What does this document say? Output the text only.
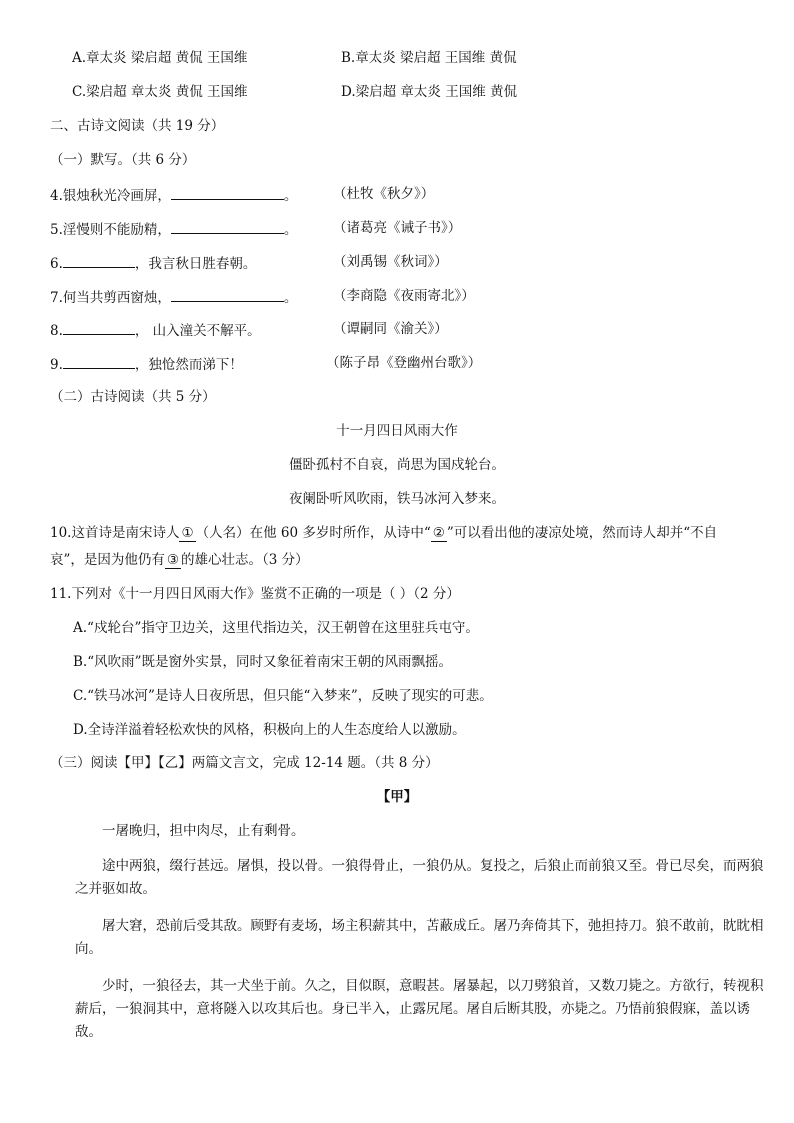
A.章太炎 梁启超 黄侃 王国维	B.章太炎 梁启超 王国维 黄侃
C.梁启超 章太炎 黄侃 王国维	D.梁启超 章太炎 王国维 黄侃
二、古诗文阅读（共 19 分）
（一）默写。（共 6 分）
4.银烛秋光冷画屏，	。	（杜牧《秋夕》）
5.淫慢则不能励精，	。	（诸葛亮《诫子书》）
6.	，我言秋日胜春朝。	（刘禹锡《秋词》）
7.何当共剪西窗烛，	。	（李商隐《夜雨寄北》）
8.	， 山入潼关不解平。	（谭嗣同《渝关》）
9.	，独怆然而涕下！	（陈子昂《登幽州台歌》）
（二）古诗阅读（共 5 分）
十一月四日风雨大作
僵卧孤村不自哀，尚思为国戍轮台。
夜阑卧听风吹雨，铁马冰河入梦来。
10.这首诗是南宋诗人 ① （人名）在他 60 多岁时所作，从诗中“ ② ”可以看出他的凄凉处境，然而诗人却并“不自
哀”，是因为他仍有 ③ 的雄心壮志。（3 分）
11.下列对《十一月四日风雨大作》鉴赏不正确的一项是（ ）（2 分）
A.“戍轮台”指守卫边关，这里代指边关，汉王朝曾在这里驻兵屯守。
B.“风吹雨”既是窗外实景，同时又象征着南宋王朝的风雨飘摇。
C.“铁马冰河”是诗人日夜所思，但只能“入梦来”，反映了现实的可悲。
D.全诗洋溢着轻松欢快的风格，积极向上的人生态度给人以激励。
（三）阅读【甲】【乙】两篇文言文，完成 12-14 题。（共 8 分）
【甲】
一屠晚归，担中肉尽，止有剩骨。
途中两狼，缀行甚远。屠惧，投以骨。一狼得骨止，一狼仍从。复投之，后狼止而前狼又至。骨已尽矣，而两狼之并驱如故。
屠大窘，恐前后受其敌。顾野有麦场，场主积薪其中，苫蔽成丘。屠乃奔倚其下，弛担持刀。狼不敢前，眈眈相向。
少时，一狼径去，其一犬坐于前。久之，目似瞑，意暇甚。屠暴起，以刀劈狼首，又数刀毙之。方欲行，转视积薪后，一狼洞其中，意将隧入以攻其后也。身已半入，止露尻尾。屠自后断其股，亦毙之。乃悟前狼假寐，盖以诱敌。
